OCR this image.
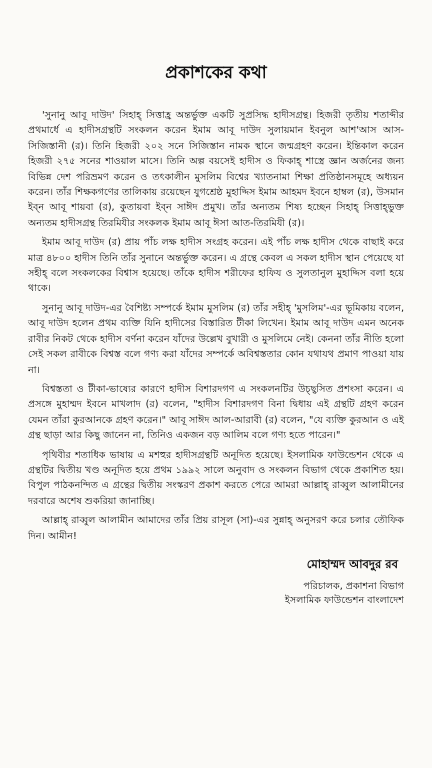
প্রকাশকের কথা

'সুনানু আবূ দাউদ' সিহাহ্ সিত্তাহ্র অন্তর্ভুক্ত একটি সুপ্রসিদ্ধ হাদীসগ্রন্থ। হিজরী তৃতীয় শতাব্দীর প্রথমার্ধে এ হাদীসগ্রন্থটি সংকলন করেন ইমাম আবূ দাউদ সুলায়মান ইবনুল আশ'আস আস-সিজিস্তানী (র)। তিনি হিজরী ২০২ সনে সিজিস্তান নামক স্থানে জন্মগ্রহণ করেন। ইন্তিকাল করেন হিজরী ২৭৫ সনের শাওয়াল মাসে। তিনি অল্প বয়সেই হাদীস ও ফিকাহ্ শাস্ত্রে জ্ঞান অর্জনের জন্য বিভিন্ন দেশ পরিভ্রমণ করেন ও তৎকালীন মুসলিম বিশ্বের খ্যাতনামা শিক্ষা প্রতিষ্ঠানসমূহে অধ্যয়ন করেন। তাঁর শিক্ষকগণের তালিকায় রয়েছেন যুগশ্রেষ্ঠ মুহাদ্দিস ইমাম আহমদ ইবনে হাম্বল (র), উসমান ইব্ন আবূ শায়বা (র), কুতায়বা ইব্ন সাঈদ প্রমুখ। তাঁর অন্যতম শিষ্য হচ্ছেন সিহাহ্ সিত্তাহ্ভুক্ত অন্যতম হাদীসগ্রন্থ তিরমিযীর সংকলক ইমাম আবূ ঈসা আত-তিরমিযী (র)।

ইমাম আবূ দাউদ (র) প্রায় পাঁচ লক্ষ হাদীস সংগ্রহ করেন। এই পাঁচ লক্ষ হাদীস থেকে বাছাই করে মাত্র ৪৮০০ হাদীস তিনি তাঁর সুনানে অন্তর্ভুক্ত করেন। এ গ্রন্থে কেবল এ সকল হাদীস স্থান পেয়েছে যা সহীহ্ বলে সংকলকের বিশ্বাস হয়েছে। তাঁকে হাদীস শরীফের হাফিয ও সুলতানুল মুহাদ্দিস বলা হয়ে থাকে।

সুনানু আবূ দাউদ-এর বৈশিষ্ট্য সম্পর্কে ইমাম মুসলিম (র) তাঁর সহীহ্ 'মুসলিম'-এর ভূমিকায় বলেন, আবূ দাউদ হলেন প্রথম ব্যক্তি যিনি হাদীসের বিস্তারিত টীকা লিখেন। ইমাম আবূ দাউদ এমন অনেক রাবীর নিকট থেকে হাদীস বর্ণনা করেন যাঁদের উল্লেখ বুখারী ও মুসলিমে নেই। কেননা তাঁর নীতি হলো সেই সকল রাবীকে বিশ্বস্ত বলে গণ্য করা যাঁদের সম্পর্কে অবিশ্বস্ততার কোন যথাযথ প্রমাণ পাওয়া যায় না।

বিশ্বস্ততা ও টীকা-ভাষ্যের কারণে হাদীস বিশারদগণ এ সংকলনটির উচ্ছ্বসিত প্রশংসা করেন। এ প্রসঙ্গে মুহাম্মদ ইবনে মাখলাদ (র) বলেন, "হাদীস বিশারদগণ বিনা দ্বিধায় এই গ্রন্থটি গ্রহণ করেন যেমন তাঁরা কুরআনকে গ্রহণ করেন।" আবূ সাঈদ আল-আরাবী (র) বলেন, "যে ব্যক্তি কুরআন ও এই গ্রন্থ ছাড়া আর কিছু জানেন না, তিনিও একজন বড় আলিম বলে গণ্য হতে পারেন।"

পৃথিবীর শতাধিক ভাষায় এ মশহুর হাদীসগ্রন্থটি অনূদিত হয়েছে। ইসলামিক ফাউন্ডেশন থেকে এ গ্রন্থটির দ্বিতীয় খণ্ড অনূদিত হয়ে প্রথম ১৯৯২ সালে অনুবাদ ও সংকলন বিভাগ থেকে প্রকাশিত হয়। বিপুল পাঠকনন্দিত এ গ্রন্থের দ্বিতীয় সংস্করণ প্রকাশ করতে পেরে আমরা আল্লাহ্ রাব্বুল আলামীনের দরবারে অশেষ শুকরিয়া জানাচ্ছি।

আল্লাহ্ রাব্বুল আলামীন আমাদের তাঁর প্রিয় রাসূল (সা)-এর সুন্নাহ্ অনুসরণ করে চলার তৌফিক দিন। আমীন!

মোহাম্মদ আবদুর রব
পরিচালক, প্রকাশনা বিভাগ
ইসলামিক ফাউন্ডেশন বাংলাদেশ
